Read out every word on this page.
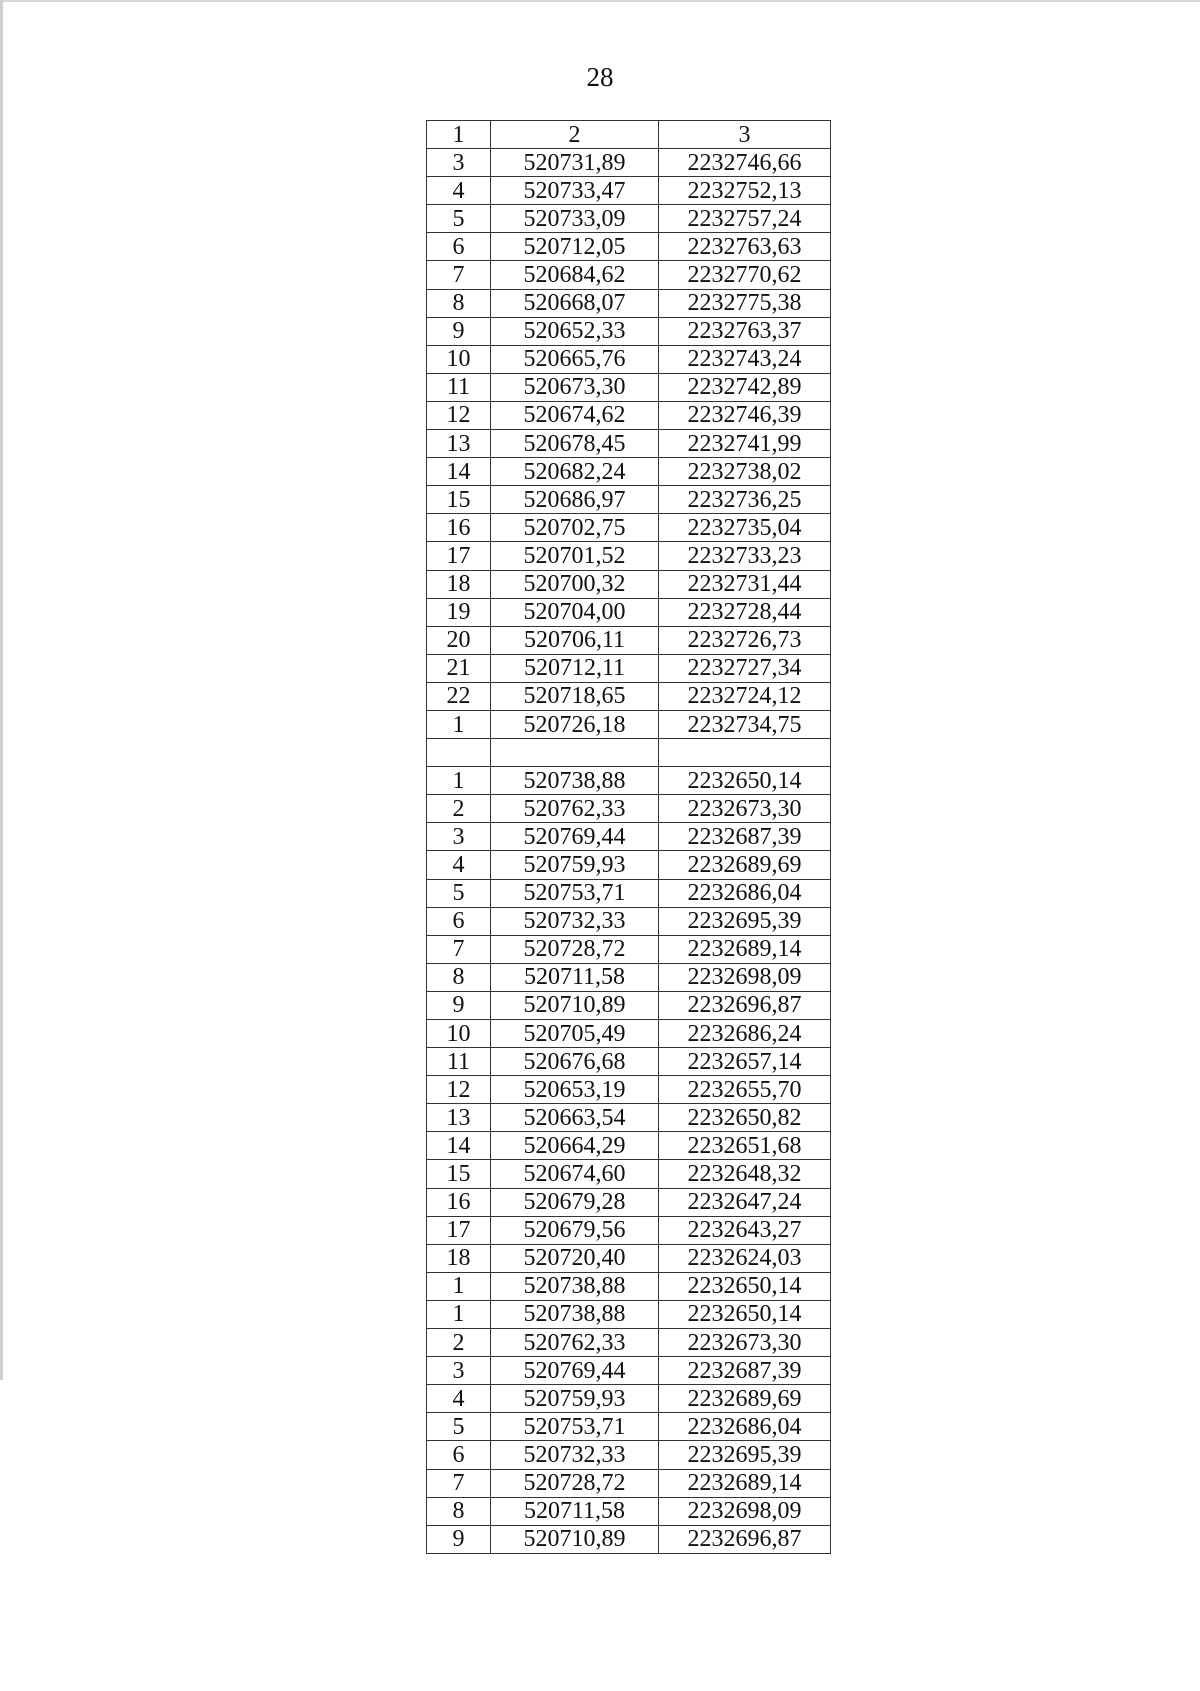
28
1	2	3
3	520731,89	2232746,66
4	520733,47	2232752,13
5	520733,09	2232757,24
6	520712,05	2232763,63
7	520684,62	2232770,62
8	520668,07	2232775,38
9	520652,33	2232763,37
10	520665,76	2232743,24
11	520673,30	2232742,89
12	520674,62	2232746,39
13	520678,45	2232741,99
14	520682,24	2232738,02
15	520686,97	2232736,25
16	520702,75	2232735,04
17	520701,52	2232733,23
18	520700,32	2232731,44
19	520704,00	2232728,44
20	520706,11	2232726,73
21	520712,11	2232727,34
22	520718,65	2232724,12
1	520726,18	2232734,75

1	520738,88	2232650,14
2	520762,33	2232673,30
3	520769,44	2232687,39
4	520759,93	2232689,69
5	520753,71	2232686,04
6	520732,33	2232695,39
7	520728,72	2232689,14
8	520711,58	2232698,09
9	520710,89	2232696,87
10	520705,49	2232686,24
11	520676,68	2232657,14
12	520653,19	2232655,70
13	520663,54	2232650,82
14	520664,29	2232651,68
15	520674,60	2232648,32
16	520679,28	2232647,24
17	520679,56	2232643,27
18	520720,40	2232624,03
1	520738,88	2232650,14
1	520738,88	2232650,14
2	520762,33	2232673,30
3	520769,44	2232687,39
4	520759,93	2232689,69
5	520753,71	2232686,04
6	520732,33	2232695,39
7	520728,72	2232689,14
8	520711,58	2232698,09
9	520710,89	2232696,87
